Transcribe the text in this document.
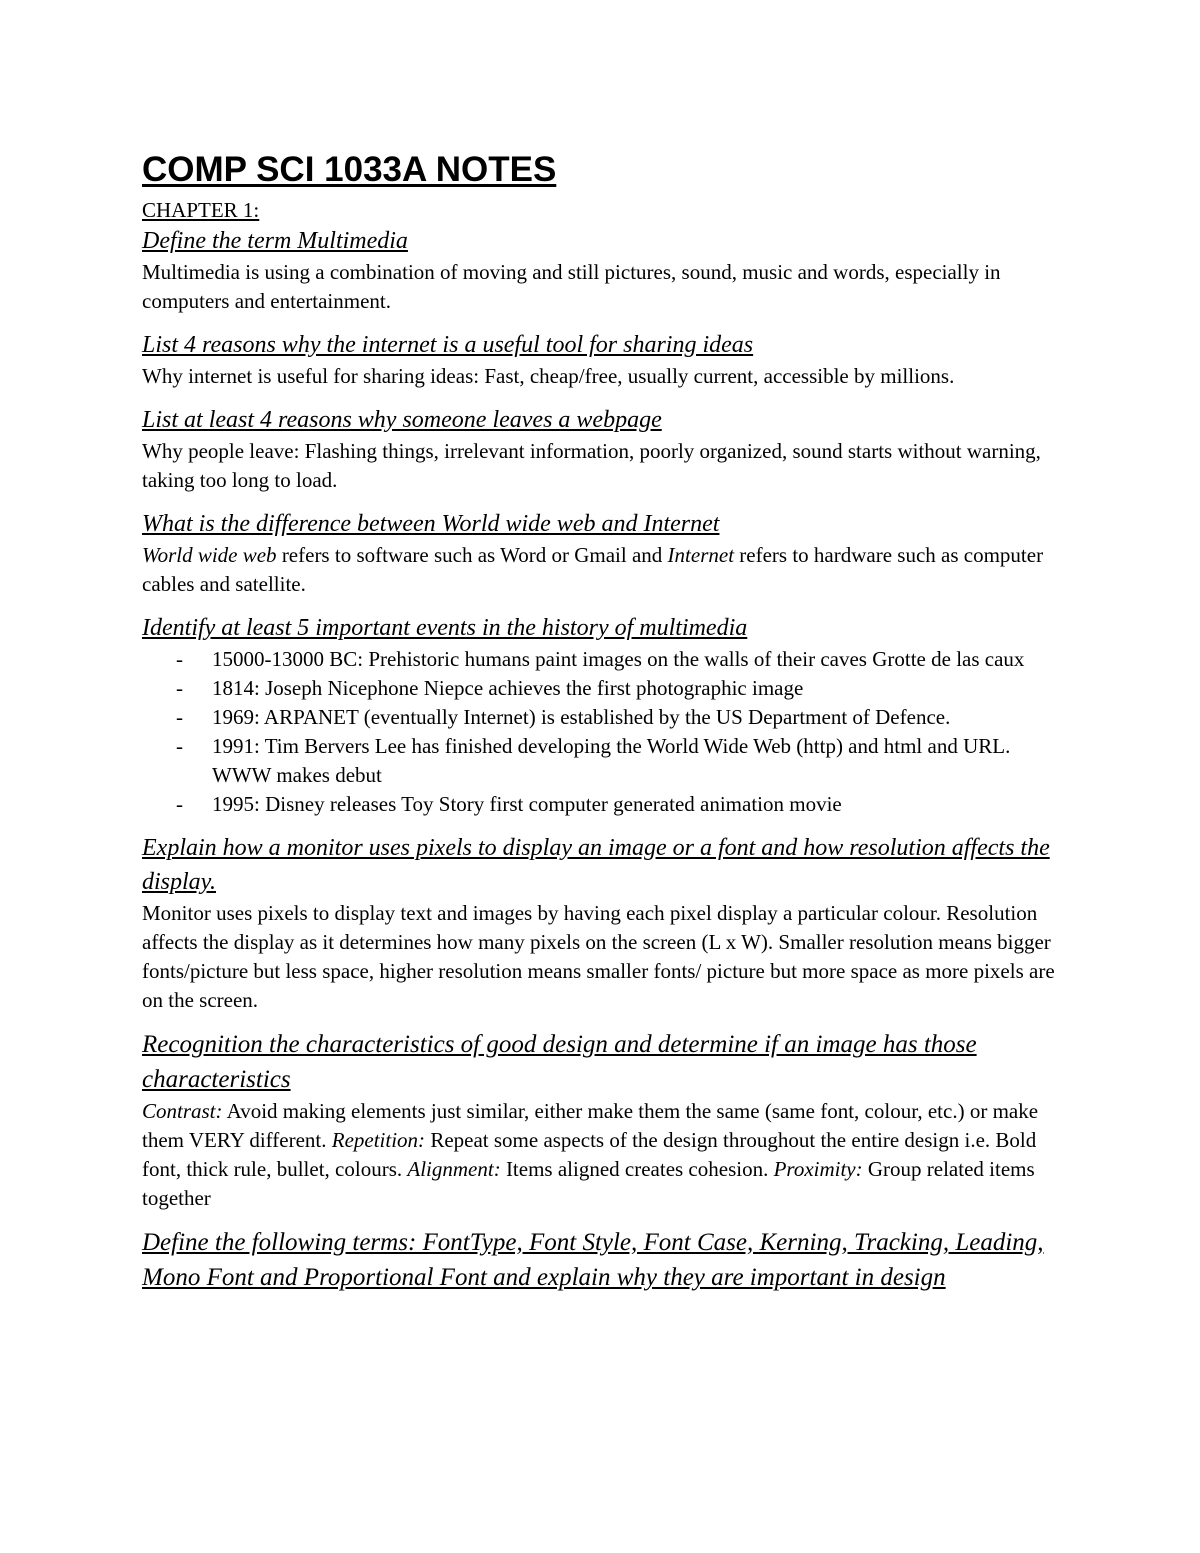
COMP SCI 1033A NOTES
CHAPTER 1:
Define the term Multimedia
Multimedia is using a combination of moving and still pictures, sound, music and words, especially in computers and entertainment.
List 4 reasons why the internet is a useful tool for sharing ideas
Why internet is useful for sharing ideas: Fast, cheap/free, usually current, accessible by millions.
List at least 4 reasons why someone leaves a webpage
Why people leave: Flashing things, irrelevant information, poorly organized, sound starts without warning, taking too long to load.
What is the difference between World wide web and Internet
World wide web refers to software such as Word or Gmail and Internet refers to hardware such as computer cables and satellite.
Identify at least 5 important events in the history of multimedia
- 15000-13000 BC: Prehistoric humans paint images on the walls of their caves Grotte de las caux
- 1814: Joseph Nicephone Niepce achieves the first photographic image
- 1969: ARPANET (eventually Internet) is established by the US Department of Defence.
- 1991: Tim Bervers Lee has finished developing the World Wide Web (http) and html and URL. WWW makes debut
- 1995: Disney releases Toy Story first computer generated animation movie
Explain how a monitor uses pixels to display an image or a font and how resolution affects the display.
Monitor uses pixels to display text and images by having each pixel display a particular colour. Resolution affects the display as it determines how many pixels on the screen (L x W). Smaller resolution means bigger fonts/picture but less space, higher resolution means smaller fonts/ picture but more space as more pixels are on the screen.
Recognition the characteristics of good design and determine if an image has those characteristics
Contrast: Avoid making elements just similar, either make them the same (same font, colour, etc.) or make them VERY different. Repetition: Repeat some aspects of the design throughout the entire design i.e. Bold font, thick rule, bullet, colours. Alignment: Items aligned creates cohesion. Proximity: Group related items together
Define the following terms: FontType, Font Style, Font Case, Kerning, Tracking, Leading, Mono Font and Proportional Font and explain why they are important in design
